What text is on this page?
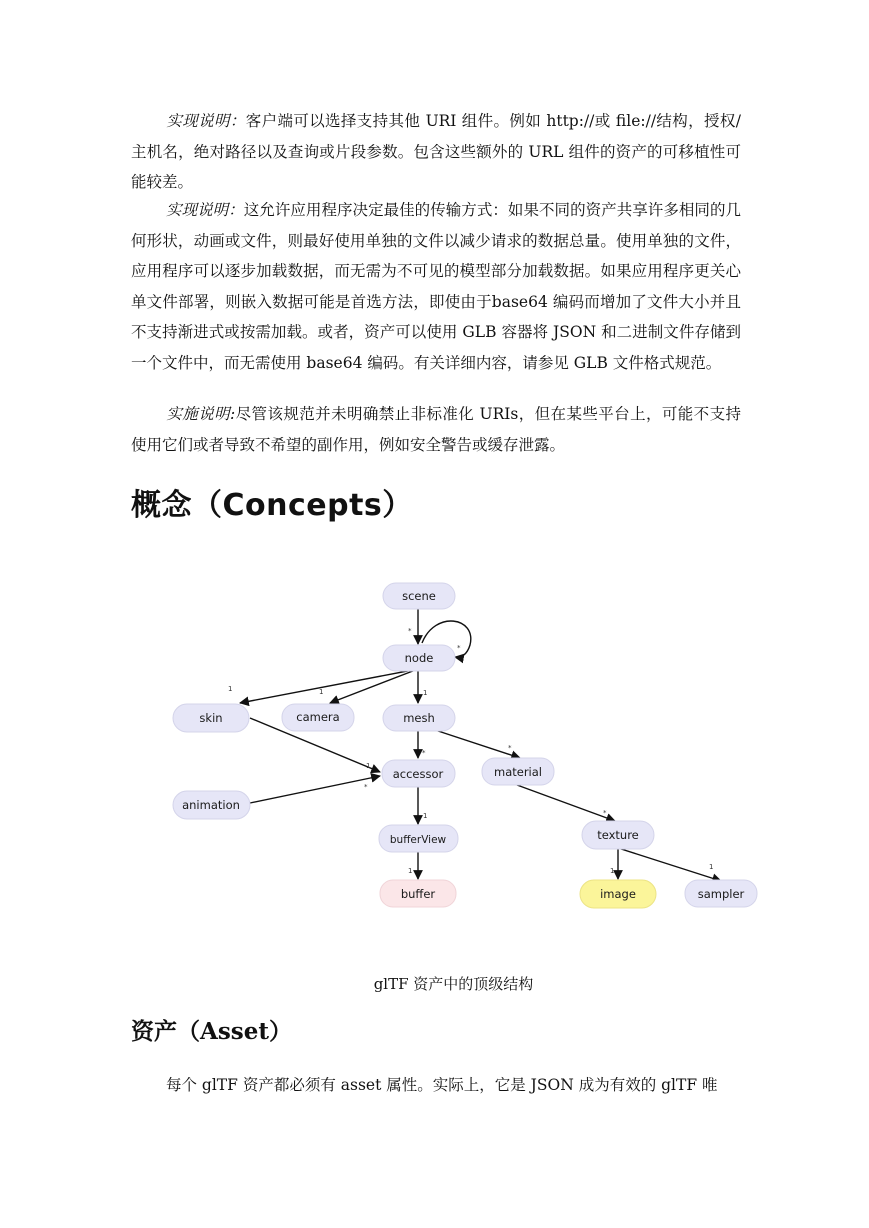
实现说明：客户端可以选择支持其他 URI 组件。例如 http://或 file://结构，授权/主机名，绝对路径以及查询或片段参数。包含这些额外的 URL 组件的资产的可移植性可能较差。

实现说明：这允许应用程序决定最佳的传输方式：如果不同的资产共享许多相同的几何形状，动画或文件，则最好使用单独的文件以减少请求的数据总量。使用单独的文件，应用程序可以逐步加载数据，而无需为不可见的模型部分加载数据。如果应用程序更关心单文件部署，则嵌入数据可能是首选方法，即使由于base64 编码而增加了文件大小并且不支持渐进式或按需加载。或者，资产可以使用 GLB 容器将 JSON 和二进制文件存储到一个文件中，而无需使用 base64 编码。有关详细内容，请参见 GLB 文件格式规范。

实施说明:尽管该规范并未明确禁止非标准化 URIs，但在某些平台上，可能不支持使用它们或者导致不希望的副作用，例如安全警告或缓存泄露。

概念（Concepts）
*
*
1	1	1
*
*
1
*
1	*
1	1	1
scene
node
skin	camera	mesh
accessor	material
animation
bufferView	texture
buffer	image	sampler

glTF 资产中的顶级结构

资产（Asset）

每个 glTF 资产都必须有 asset 属性。实际上，它是 JSON 成为有效的 glTF 唯
